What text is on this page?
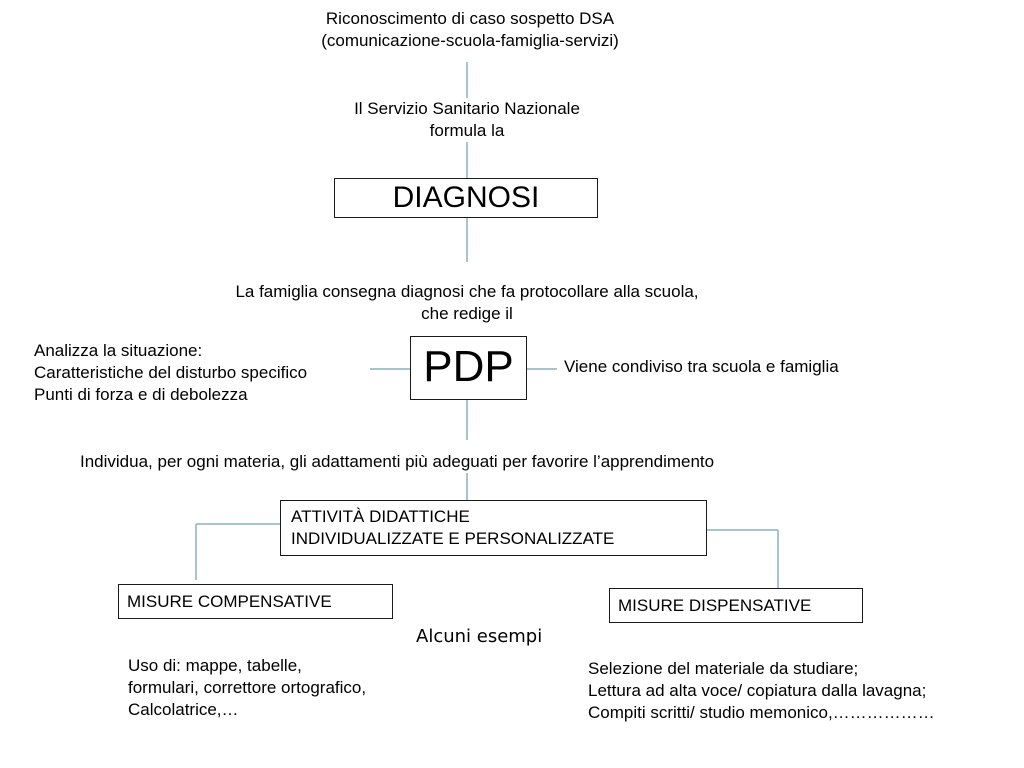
Riconoscimento di caso sospetto DSA
(comunicazione-scuola-famiglia-servizi)
Il Servizio Sanitario Nazionale
formula la
DIAGNOSI
La famiglia consegna diagnosi che fa protocollare alla scuola,
che redige il
Analizza la situazione:
Caratteristiche del disturbo specifico
Punti di forza e di debolezza
PDP	Viene condiviso tra scuola e famiglia
Individua, per ogni materia, gli adattamenti più adeguati per favorire l’apprendimento
ATTIVITÀ DIDATTICHE
INDIVIDUALIZZATE E PERSONALIZZATE
MISURE COMPENSATIVE	MISURE DISPENSATIVE
Alcuni esempi
Uso di: mappe, tabelle,
formulari, correttore ortografico,
Calcolatrice,…
Selezione del materiale da studiare;
Lettura ad alta voce/ copiatura dalla lavagna;
Compiti scritti/ studio memonico,………………
